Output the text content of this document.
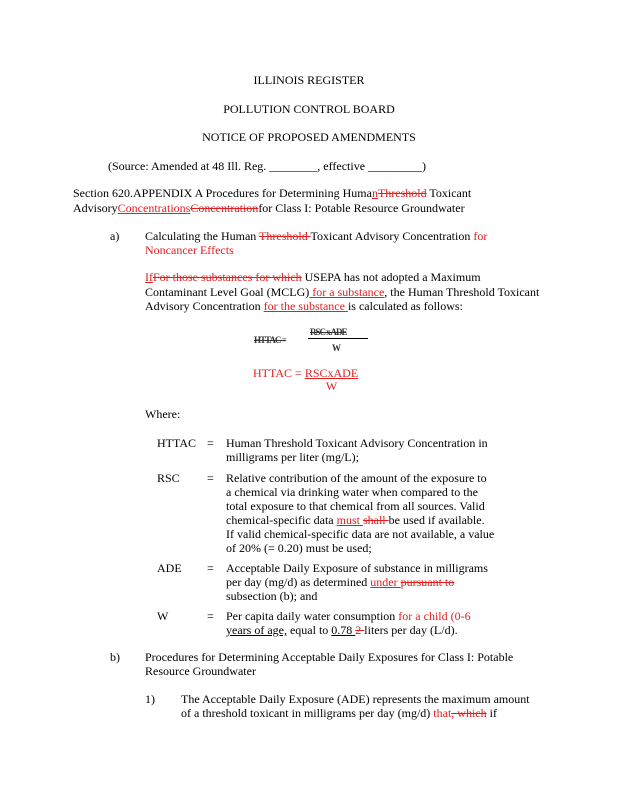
ILLINOIS REGISTER
POLLUTION CONTROL BOARD
NOTICE OF PROPOSED AMENDMENTS
(Source: Amended at 48 Ill. Reg. ________, effective _________)
Section 620.APPENDIX A Procedures for Determining HumanThreshold Toxicant
AdvisoryConcentrationsConcentrationfor Class I: Potable Resource Groundwater
a) Calculating the Human Threshold Toxicant Advisory Concentration for
Noncancer Effects
IfFor those substances for which USEPA has not adopted a Maximum
Contaminant Level Goal (MCLG) for a substance, the Human Threshold Toxicant
Advisory Concentration for the substance is calculated as follows:
HTTAC =
RSC x ADE
W
HTTAC = $\frac{\text{RSCxADE}}{W}$
Where:
HTTAC = Human Threshold Toxicant Advisory Concentration in
milligrams per liter (mg/L);
RSC = Relative contribution of the amount of the exposure to
a chemical via drinking water when compared to the
total exposure to that chemical from all sources. Valid
chemical-specific data must shall be used if available.
If valid chemical-specific data are not available, a value
of 20% (= 0.20) must be used;
ADE = Acceptable Daily Exposure of substance in milligrams
per day (mg/d) as determined under pursuant to
subsection (b); and
W	= Per capita daily water consumption for a child (0-6
years of age, equal to 0.78 2 liters per day (L/d).
b) Procedures for Determining Acceptable Daily Exposures for Class I: Potable
Resource Groundwater
1) The Acceptable Daily Exposure (ADE) represents the maximum amount
of a threshold toxicant in milligrams per day (mg/d) that, which if
